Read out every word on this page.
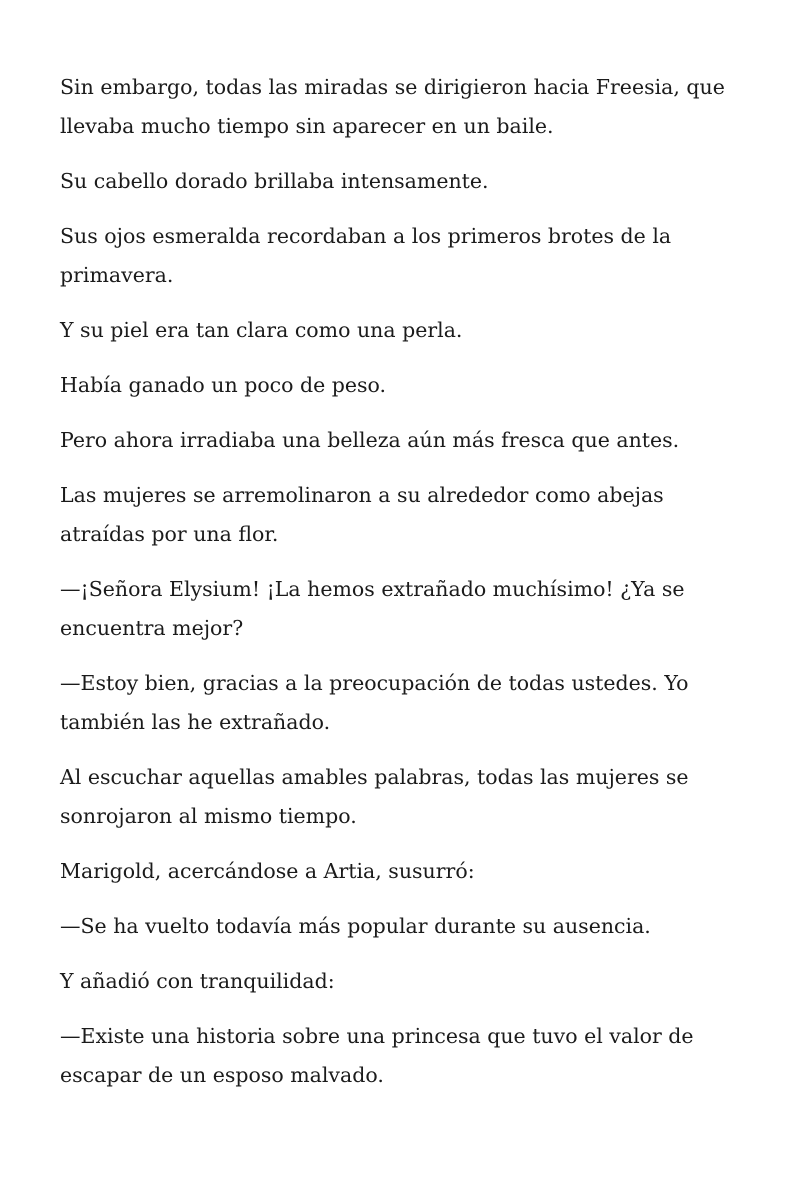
Sin embargo, todas las miradas se dirigieron hacia Freesia, que llevaba mucho tiempo sin aparecer en un baile.

Su cabello dorado brillaba intensamente.

Sus ojos esmeralda recordaban a los primeros brotes de la primavera.

Y su piel era tan clara como una perla.

Había ganado un poco de peso.

Pero ahora irradiaba una belleza aún más fresca que antes.

Las mujeres se arremolinaron a su alrededor como abejas atraídas por una flor.

—¡Señora Elysium! ¡La hemos extrañado muchísimo! ¿Ya se encuentra mejor?

—Estoy bien, gracias a la preocupación de todas ustedes. Yo también las he extrañado.

Al escuchar aquellas amables palabras, todas las mujeres se sonrojaron al mismo tiempo.

Marigold, acercándose a Artia, susurró:

—Se ha vuelto todavía más popular durante su ausencia.

Y añadió con tranquilidad:

—Existe una historia sobre una princesa que tuvo el valor de escapar de un esposo malvado.
